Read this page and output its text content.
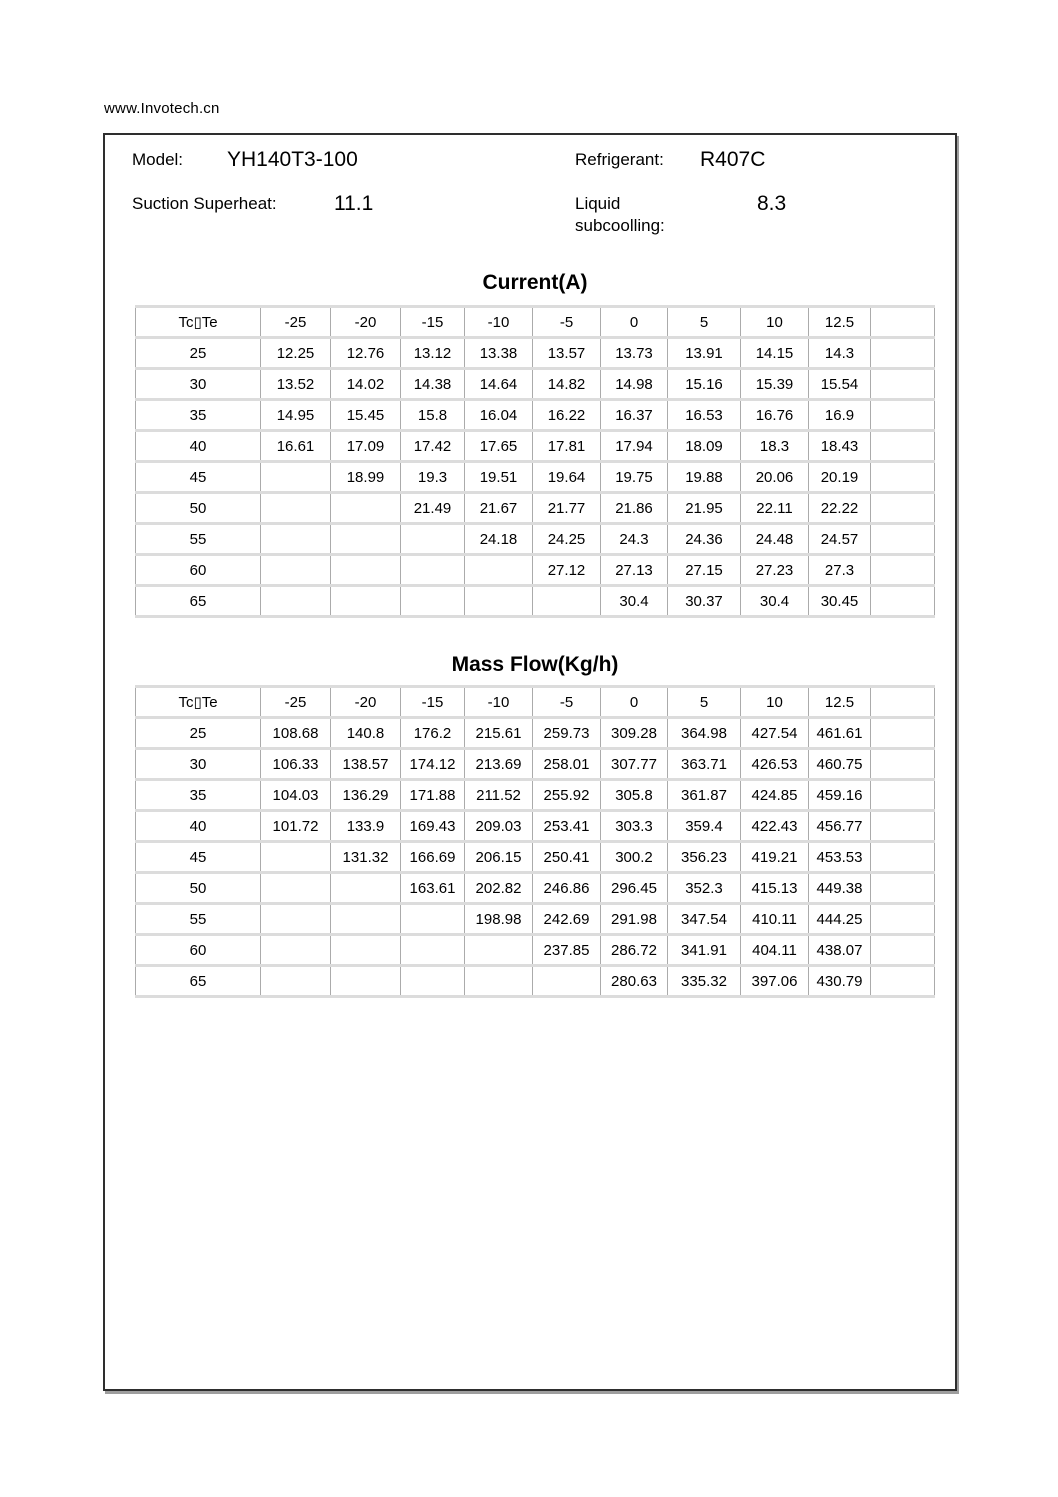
www.Invotech.cn
Model: YH140T3-100
Suction Superheat:	11.1
Refrigerant: R407C
Liquid subcoolling:
8.3
Current(A)
Tc▯Te	-25	-20	-15	-10	-5	0	5	10	12.5	
25	12.25	12.76	13.12	13.38	13.57	13.73	13.91	14.15	14.3	
30	13.52	14.02	14.38	14.64	14.82	14.98	15.16	15.39	15.54	
35	14.95	15.45	15.8	16.04	16.22	16.37	16.53	16.76	16.9	
40	16.61	17.09	17.42	17.65	17.81	17.94	18.09	18.3	18.43	
45		18.99	19.3	19.51	19.64	19.75	19.88	20.06	20.19	
50			21.49	21.67	21.77	21.86	21.95	22.11	22.22	
55				24.18	24.25	24.3	24.36	24.48	24.57	
60					27.12	27.13	27.15	27.23	27.3	
65						30.4	30.37	30.4	30.45	
Mass Flow(Kg/h)
Tc▯Te	-25	-20	-15	-10	-5	0	5	10	12.5	
25	108.68	140.8	176.2	215.61	259.73	309.28	364.98	427.54	461.61	
30	106.33	138.57	174.12	213.69	258.01	307.77	363.71	426.53	460.75	
35	104.03	136.29	171.88	211.52	255.92	305.8	361.87	424.85	459.16	
40	101.72	133.9	169.43	209.03	253.41	303.3	359.4	422.43	456.77	
45		131.32	166.69	206.15	250.41	300.2	356.23	419.21	453.53	
50			163.61	202.82	246.86	296.45	352.3	415.13	449.38	
55				198.98	242.69	291.98	347.54	410.11	444.25	
60					237.85	286.72	341.91	404.11	438.07	
65						280.63	335.32	397.06	430.79	
